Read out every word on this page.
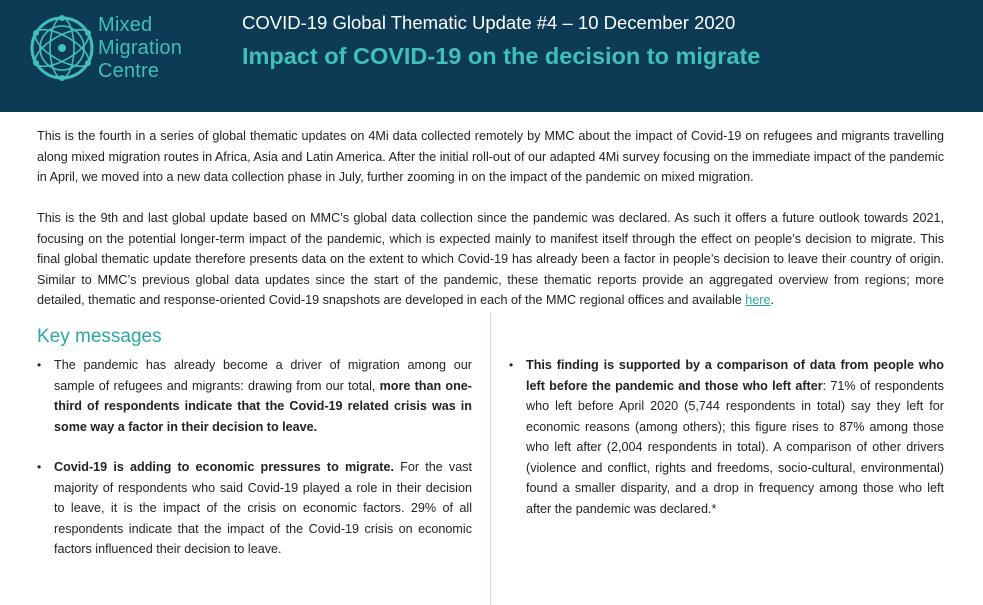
Mixed
Migration
Centre
COVID-19 Global Thematic Update #4 – 10 December 2020
Impact of COVID-19 on the decision to migrate

This is the fourth in a series of global thematic updates on 4Mi data collected remotely by MMC about the impact of Covid-19 on refugees and migrants travelling along mixed migration routes in Africa, Asia and Latin America. After the initial roll-out of our adapted 4Mi survey focusing on the immediate impact of the pandemic in April, we moved into a new data collection phase in July, further zooming in on the impact of the pandemic on mixed migration.

This is the 9th and last global update based on MMC’s global data collection since the pandemic was declared. As such it offers a future outlook towards 2021, focusing on the potential longer-term impact of the pandemic, which is expected mainly to manifest itself through the effect on people’s decision to migrate. This final global thematic update therefore presents data on the extent to which Covid-19 has already been a factor in people’s decision to leave their country of origin. Similar to MMC’s previous global data updates since the start of the pandemic, these thematic reports provide an aggregated overview from regions; more detailed, thematic and response-oriented Covid-19 snapshots are developed in each of the MMC regional offices and available here.

Key messages
• The pandemic has already become a driver of migration among our sample of refugees and migrants: drawing from our total, more than one-third of respondents indicate that the Covid-19 related crisis was in some way a factor in their decision to leave.
• Covid-19 is adding to economic pressures to migrate. For the vast majority of respondents who said Covid-19 played a role in their decision to leave, it is the impact of the crisis on economic factors. 29% of all respondents indicate that the impact of the Covid-19 crisis on economic factors influenced their decision to leave.
• This finding is supported by a comparison of data from people who left before the pandemic and those who left after: 71% of respondents who left before April 2020 (5,744 respondents in total) say they left for economic reasons (among others); this figure rises to 87% among those who left after (2,004 respondents in total). A comparison of other drivers (violence and conflict, rights and freedoms, socio-cultural, environmental) found a smaller disparity, and a drop in frequency among those who left after the pandemic was declared.*
